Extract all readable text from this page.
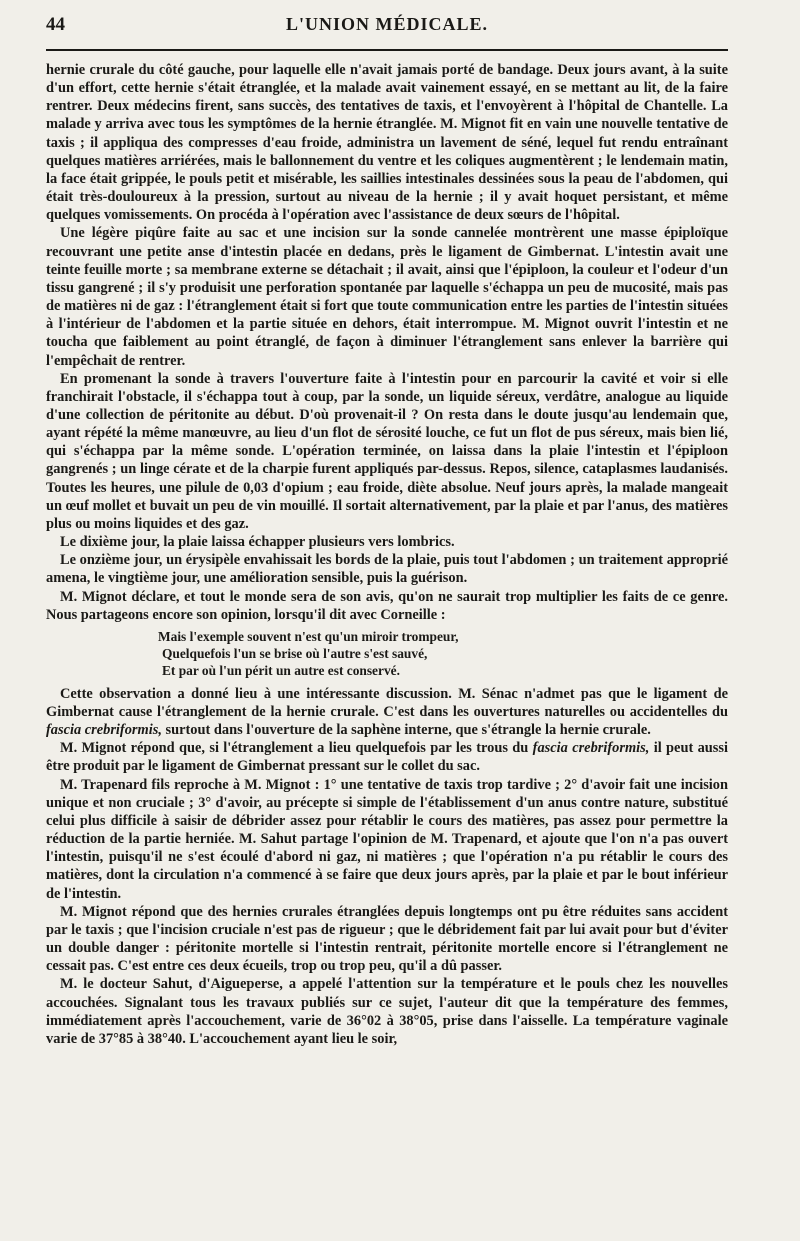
44	L'UNION MÉDICALE.

hernie crurale du côté gauche, pour laquelle elle n'avait jamais porté de bandage. Deux jours avant, à la suite d'un effort, cette hernie s'était étranglée, et la malade avait vainement essayé, en se mettant au lit, de la faire rentrer. Deux médecins firent, sans succès, des tentatives de taxis, et l'envoyèrent à l'hôpital de Chantelle. La malade y arriva avec tous les symptômes de la hernie étranglée. M. Mignot fit en vain une nouvelle tentative de taxis ; il appliqua des compresses d'eau froide, administra un lavement de séné, lequel fut rendu entraînant quelques matières arriérées, mais le ballonnement du ventre et les coliques augmentèrent ; le lendemain matin, la face était grippée, le pouls petit et misérable, les saillies intestinales dessinées sous la peau de l'abdomen, qui était très-douloureux à la pression, surtout au niveau de la hernie ; il y avait hoquet persistant, et même quelques vomissements. On procéda à l'opération avec l'assistance de deux sœurs de l'hôpital.

Une légère piqûre faite au sac et une incision sur la sonde cannelée montrèrent une masse épiploïque recouvrant une petite anse d'intestin placée en dedans, près le ligament de Gimbernat. L'intestin avait une teinte feuille morte ; sa membrane externe se détachait ; il avait, ainsi que l'épiploon, la couleur et l'odeur d'un tissu gangrené ; il s'y produisit une perforation spontanée par laquelle s'échappa un peu de mucosité, mais pas de matières ni de gaz : l'étranglement était si fort que toute communication entre les parties de l'intestin situées à l'intérieur de l'abdomen et la partie située en dehors, était interrompue. M. Mignot ouvrit l'intestin et ne toucha que faiblement au point étranglé, de façon à diminuer l'étranglement sans enlever la barrière qui l'empêchait de rentrer.

En promenant la sonde à travers l'ouverture faite à l'intestin pour en parcourir la cavité et voir si elle franchirait l'obstacle, il s'échappa tout à coup, par la sonde, un liquide séreux, verdâtre, analogue au liquide d'une collection de péritonite au début. D'où provenait-il ? On resta dans le doute jusqu'au lendemain que, ayant répété la même manœuvre, au lieu d'un flot de sérosité louche, ce fut un flot de pus séreux, mais bien lié, qui s'échappa par la même sonde. L'opération terminée, on laissa dans la plaie l'intestin et l'épiploon gangrenés ; un linge cérate et de la charpie furent appliqués par-dessus. Repos, silence, cataplasmes laudanisés. Toutes les heures, une pilule de 0,03 d'opium ; eau froide, diète absolue. Neuf jours après, la malade mangeait un œuf mollet et buvait un peu de vin mouillé. Il sortait alternativement, par la plaie et par l'anus, des matières plus ou moins liquides et des gaz.

Le dixième jour, la plaie laissa échapper plusieurs vers lombrics.

Le onzième jour, un érysipèle envahissait les bords de la plaie, puis tout l'abdomen ; un traitement approprié amena, le vingtième jour, une amélioration sensible, puis la guérison.

M. Mignot déclare, et tout le monde sera de son avis, qu'on ne saurait trop multiplier les faits de ce genre. Nous partageons encore son opinion, lorsqu'il dit avec Corneille :

Mais l'exemple souvent n'est qu'un miroir trompeur,
Quelquefois l'un se brise où l'autre s'est sauvé,
Et par où l'un périt un autre est conservé.

Cette observation a donné lieu à une intéressante discussion. M. Sénac n'admet pas que le ligament de Gimbernat cause l'étranglement de la hernie crurale. C'est dans les ouvertures naturelles ou accidentelles du fascia crebriformis, surtout dans l'ouverture de la saphène interne, que s'étrangle la hernie crurale.

M. Mignot répond que, si l'étranglement a lieu quelquefois par les trous du fascia crebriformis, il peut aussi être produit par le ligament de Gimbernat pressant sur le collet du sac.

M. Trapenard fils reproche à M. Mignot : 1° une tentative de taxis trop tardive ; 2° d'avoir fait une incision unique et non cruciale ; 3° d'avoir, au précepte si simple de l'établissement d'un anus contre nature, substitué celui plus difficile à saisir de débrider assez pour rétablir le cours des matières, pas assez pour permettre la réduction de la partie herniée. M. Sahut partage l'opinion de M. Trapenard, et ajoute que l'on n'a pas ouvert l'intestin, puisqu'il ne s'est écoulé d'abord ni gaz, ni matières ; que l'opération n'a pu rétablir le cours des matières, dont la circulation n'a commencé à se faire que deux jours après, par la plaie et par le bout inférieur de l'intestin.

M. Mignot répond que des hernies crurales étranglées depuis longtemps ont pu être réduites sans accident par le taxis ; que l'incision cruciale n'est pas de rigueur ; que le débridement fait par lui avait pour but d'éviter un double danger : péritonite mortelle si l'intestin rentrait, péritonite mortelle encore si l'étranglement ne cessait pas. C'est entre ces deux écueils, trop ou trop peu, qu'il a dû passer.

M. le docteur Sahut, d'Aigueperse, a appelé l'attention sur la température et le pouls chez les nouvelles accouchées. Signalant tous les travaux publiés sur ce sujet, l'auteur dit que la température des femmes, immédiatement après l'accouchement, varie de 36°02 à 38°05, prise dans l'aisselle. La température vaginale varie de 37°85 à 38°40. L'accouchement ayant lieu le soir,
